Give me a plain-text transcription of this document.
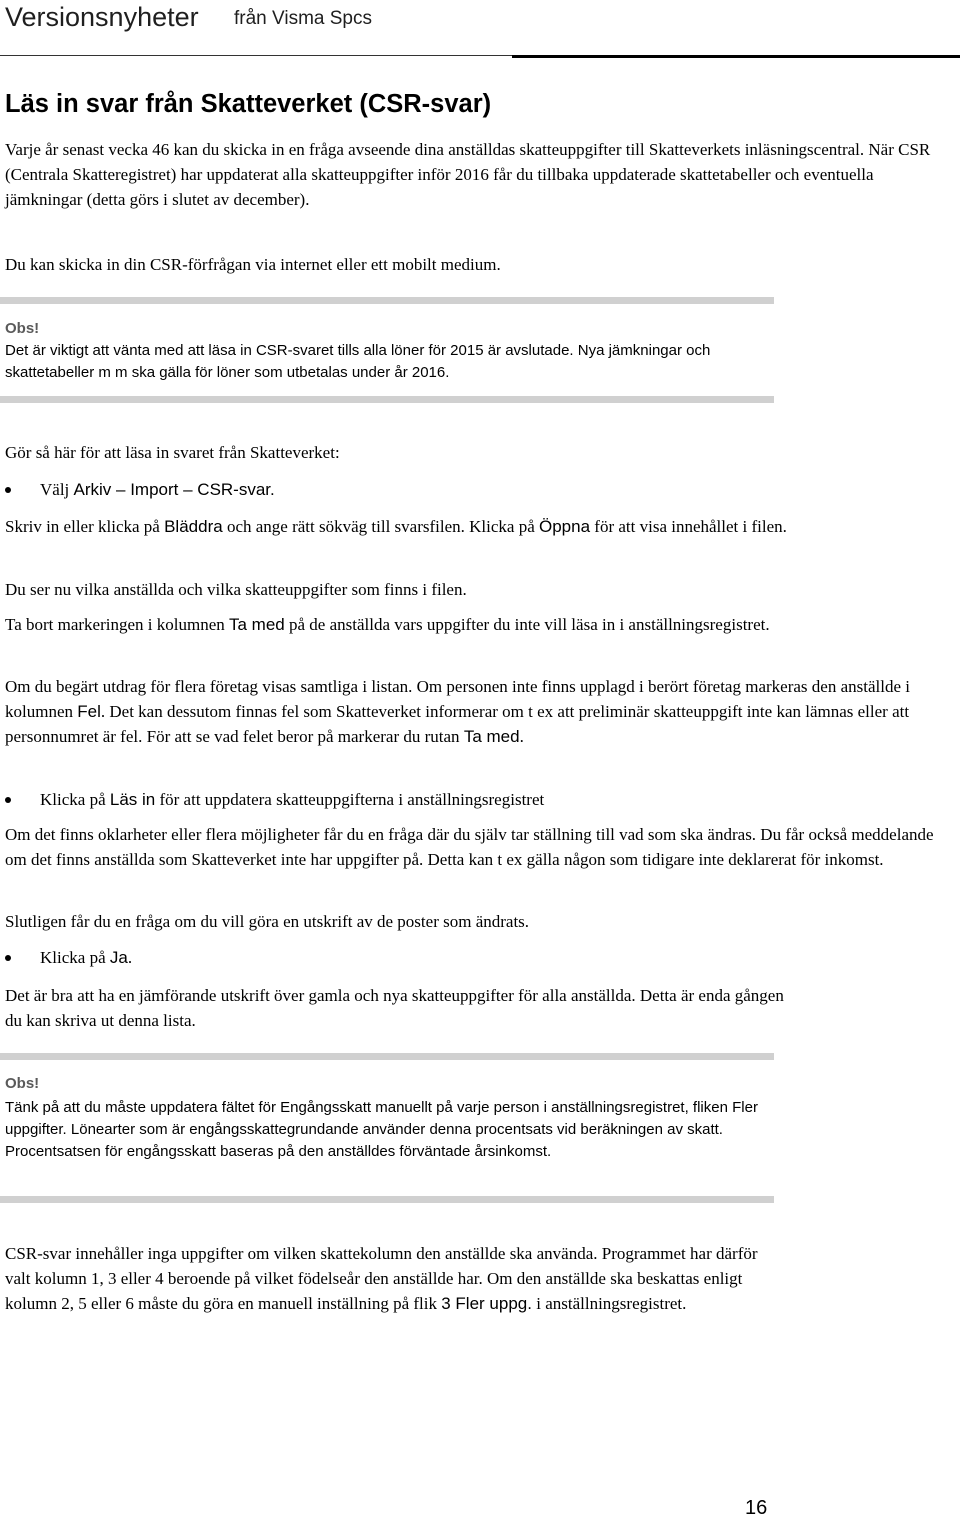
Versionsnyheter från Visma Spcs
Läs in svar från Skatteverket (CSR-svar)

Varje år senast vecka 46 kan du skicka in en fråga avseende dina anställdas skatteuppgifter till Skatteverkets inläsningscentral. När CSR (Centrala Skatteregistret) har uppdaterat alla skatteuppgifter inför 2016 får du tillbaka uppdaterade skattetabeller och eventuella jämkningar (detta görs i slutet av december).

Du kan skicka in din CSR-förfrågan via internet eller ett mobilt medium.

Obs!

Det är viktigt att vänta med att läsa in CSR-svaret tills alla löner för 2015 är avslutade. Nya jämkningar och skattetabeller m m ska gälla för löner som utbetalas under år 2016.

Gör så här för att läsa in svaret från Skatteverket:

Välj Arkiv – Import – CSR-svar.

Skriv in eller klicka på Bläddra och ange rätt sökväg till svarsfilen. Klicka på Öppna för att visa innehållet i filen.

Du ser nu vilka anställda och vilka skatteuppgifter som finns i filen.

Ta bort markeringen i kolumnen Ta med på de anställda vars uppgifter du inte vill läsa in i anställningsregistret.

Om du begärt utdrag för flera företag visas samtliga i listan. Om personen inte finns upplagd i berört företag markeras den anställde i kolumnen Fel. Det kan dessutom finnas fel som Skatteverket informerar om t ex att preliminär skatteuppgift inte kan lämnas eller att personnumret är fel. För att se vad felet beror på markerar du rutan Ta med.

Klicka på Läs in för att uppdatera skatteuppgifterna i anställningsregistret

Om det finns oklarheter eller flera möjligheter får du en fråga där du själv tar ställning till vad som ska ändras. Du får också meddelande om det finns anställda som Skatteverket inte har uppgifter på. Detta kan t ex gälla någon som tidigare inte deklarerat för inkomst.

Slutligen får du en fråga om du vill göra en utskrift av de poster som ändrats.

Klicka på Ja.

Det är bra att ha en jämförande utskrift över gamla och nya skatteuppgifter för alla anställda. Detta är enda gången du kan skriva ut denna lista.

Obs!

Tänk på att du måste uppdatera fältet för Engångsskatt manuellt på varje person i anställningsregistret, fliken Fler uppgifter. Lönearter som är engångsskattegrundande använder denna procentsats vid beräkningen av skatt. Procentsatsen för engångsskatt baseras på den anställdes förväntade årsinkomst.

CSR-svar innehåller inga uppgifter om vilken skattekolumn den anställde ska använda. Programmet har därför valt kolumn 1, 3 eller 4 beroende på vilket födelseår den anställde har. Om den anställde ska beskattas enligt kolumn 2, 5 eller 6 måste du göra en manuell inställning på flik 3 Fler uppg. i anställningsregistret.

16
